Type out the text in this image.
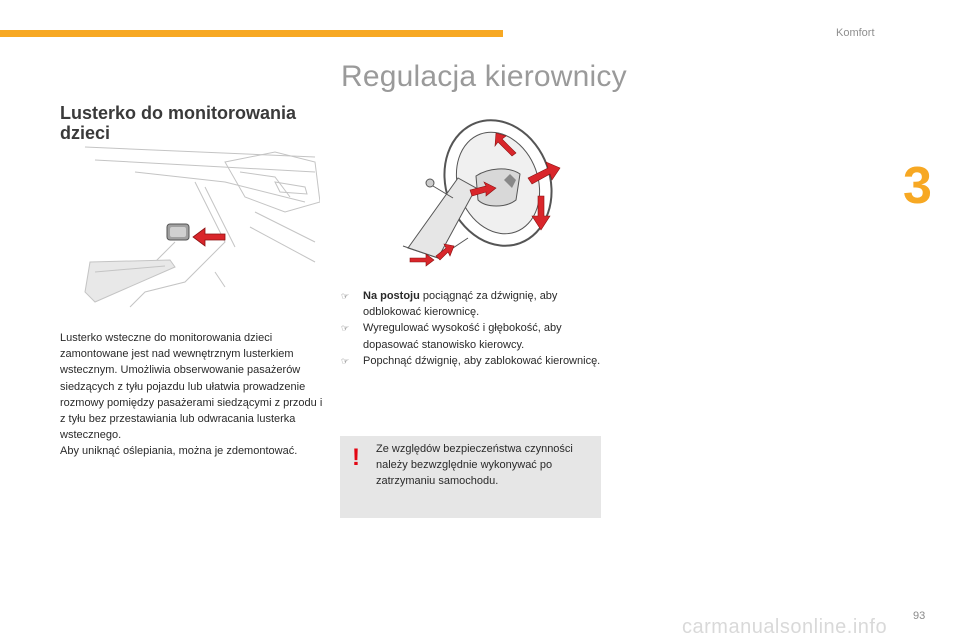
Komfort
3
Regulacja kierownicy
Lusterko do monitorowania dzieci

Lusterko wsteczne do monitorowania dzieci zamontowane jest nad wewnętrznym lusterkiem wstecznym. Umożliwia obserwowanie pasażerów siedzących z tyłu pojazdu lub ułatwia prowadzenie rozmowy pomiędzy pasażerami siedzącymi z przodu i z tyłu bez przestawiania lub odwracania lusterka wstecznego.

Aby uniknąć oślepiania, można je zdemontować.

☞	Na postoju pociągnąć za dźwignię, aby odblokować kierownicę.
☞	Wyregulować wysokość i głębokość, aby dopasować stanowisko kierowcy.
☞	Popchnąć dźwignię, aby zablokować kierownicę.
! Ze względów bezpieczeństwa czynności należy bezwzględnie wykonywać po zatrzymaniu samochodu.
93
carmanualsonline.info
